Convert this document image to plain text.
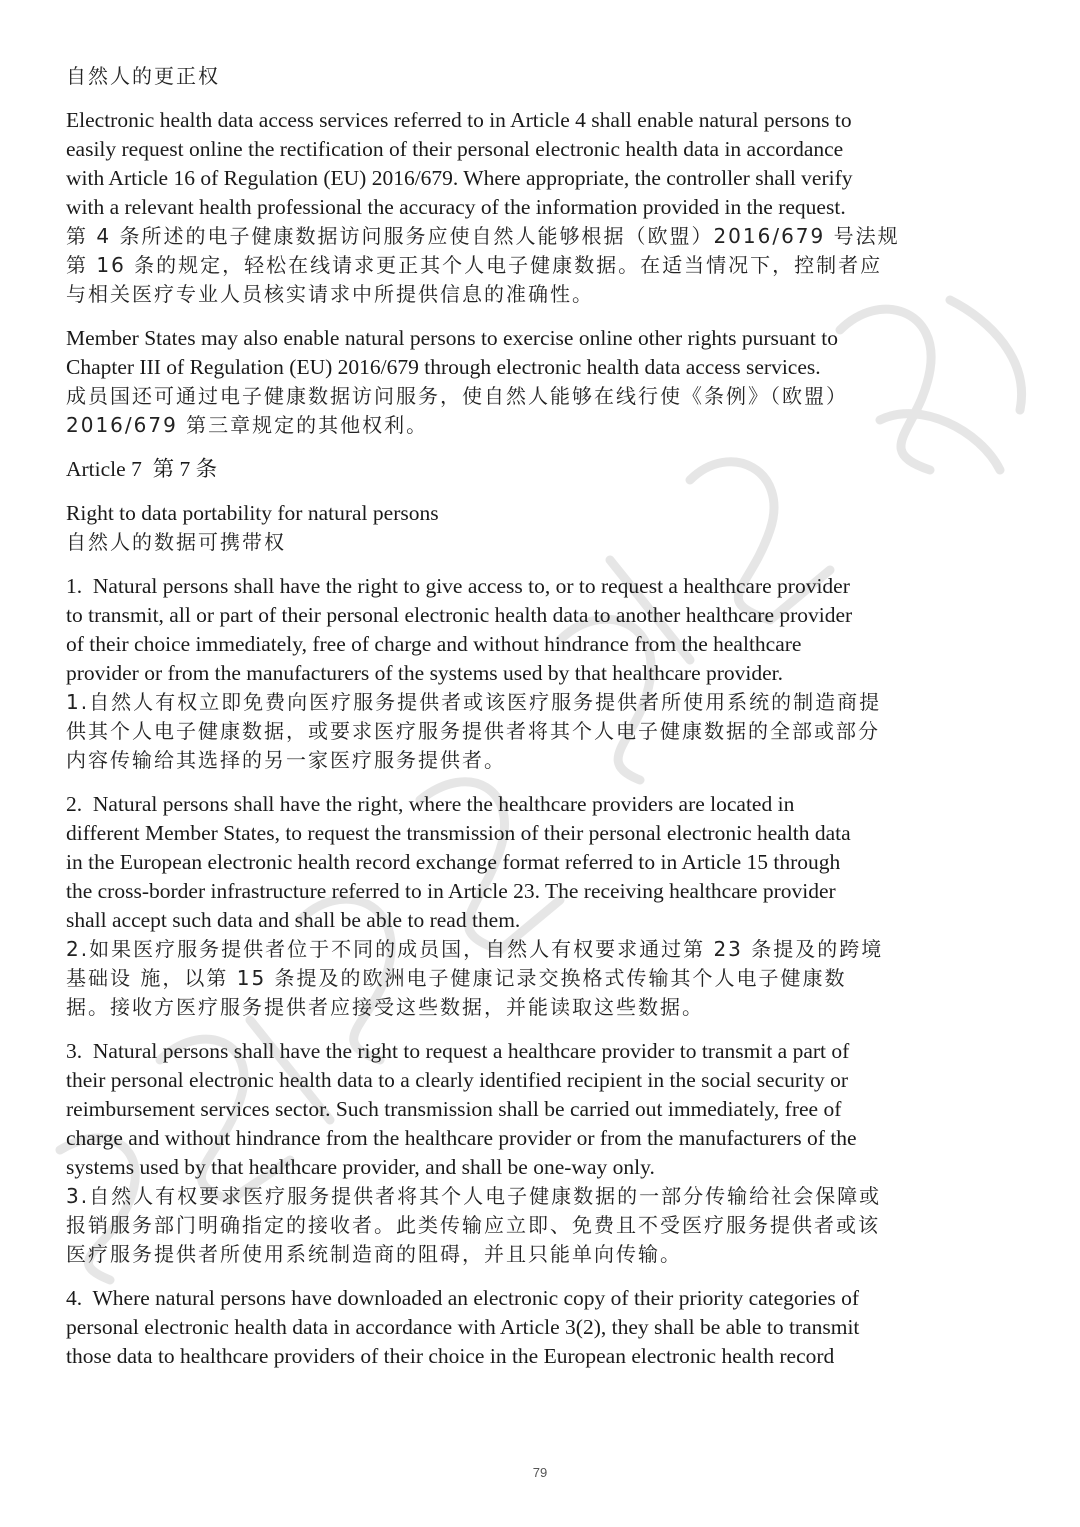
自然人的更正权

Electronic health data access services referred to in Article 4 shall enable natural persons to

easily request online the rectification of their personal electronic health data in accordance

with Article 16 of Regulation (EU) 2016/679. Where appropriate, the controller shall verify

with a relevant health professional the accuracy of the information provided in the request.

第 4 条所述的电子健康数据访问服务应使自然人能够根据（欧盟）2016/679 号法规

第 16 条的规定，轻松在线请求更正其个人电子健康数据。在适当情况下，控制者应

与相关医疗专业人员核实请求中所提供信息的准确性。

Member States may also enable natural persons to exercise online other rights pursuant to

Chapter III of Regulation (EU) 2016/679 through electronic health data access services.

成员国还可通过电子健康数据访问服务，使自然人能够在线行使《条例》（欧盟）

2016/679 第三章规定的其他权利。

Article 7  第 7 条

Right to data portability for natural persons

自然人的数据可携带权

1.  Natural persons shall have the right to give access to, or to request a healthcare provider

to transmit, all or part of their personal electronic health data to another healthcare provider

of their choice immediately, free of charge and without hindrance from the healthcare

provider or from the manufacturers of the systems used by that healthcare provider.

1.自然人有权立即免费向医疗服务提供者或该医疗服务提供者所使用系统的制造商提

供其个人电子健康数据，或要求医疗服务提供者将其个人电子健康数据的全部或部分

内容传输给其选择的另一家医疗服务提供者。

2.  Natural persons shall have the right, where the healthcare providers are located in

different Member States, to request the transmission of their personal electronic health data

in the European electronic health record exchange format referred to in Article 15 through

the cross-border infrastructure referred to in Article 23. The receiving healthcare provider

shall accept such data and shall be able to read them.

2.如果医疗服务提供者位于不同的成员国，自然人有权要求通过第 23 条提及的跨境

基础设 施，以第 15 条提及的欧洲电子健康记录交换格式传输其个人电子健康数

据。接收方医疗服务提供者应接受这些数据，并能读取这些数据。

3.  Natural persons shall have the right to request a healthcare provider to transmit a part of

their personal electronic health data to a clearly identified recipient in the social security or

reimbursement services sector. Such transmission shall be carried out immediately, free of

charge and without hindrance from the healthcare provider or from the manufacturers of the

systems used by that healthcare provider, and shall be one-way only.

3.自然人有权要求医疗服务提供者将其个人电子健康数据的一部分传输给社会保障或

报销服务部门明确指定的接收者。此类传输应立即、免费且不受医疗服务提供者或该

医疗服务提供者所使用系统制造商的阻碍，并且只能单向传输。

4.  Where natural persons have downloaded an electronic copy of their priority categories of

personal electronic health data in accordance with Article 3(2), they shall be able to transmit

those data to healthcare providers of their choice in the European electronic health record

79
